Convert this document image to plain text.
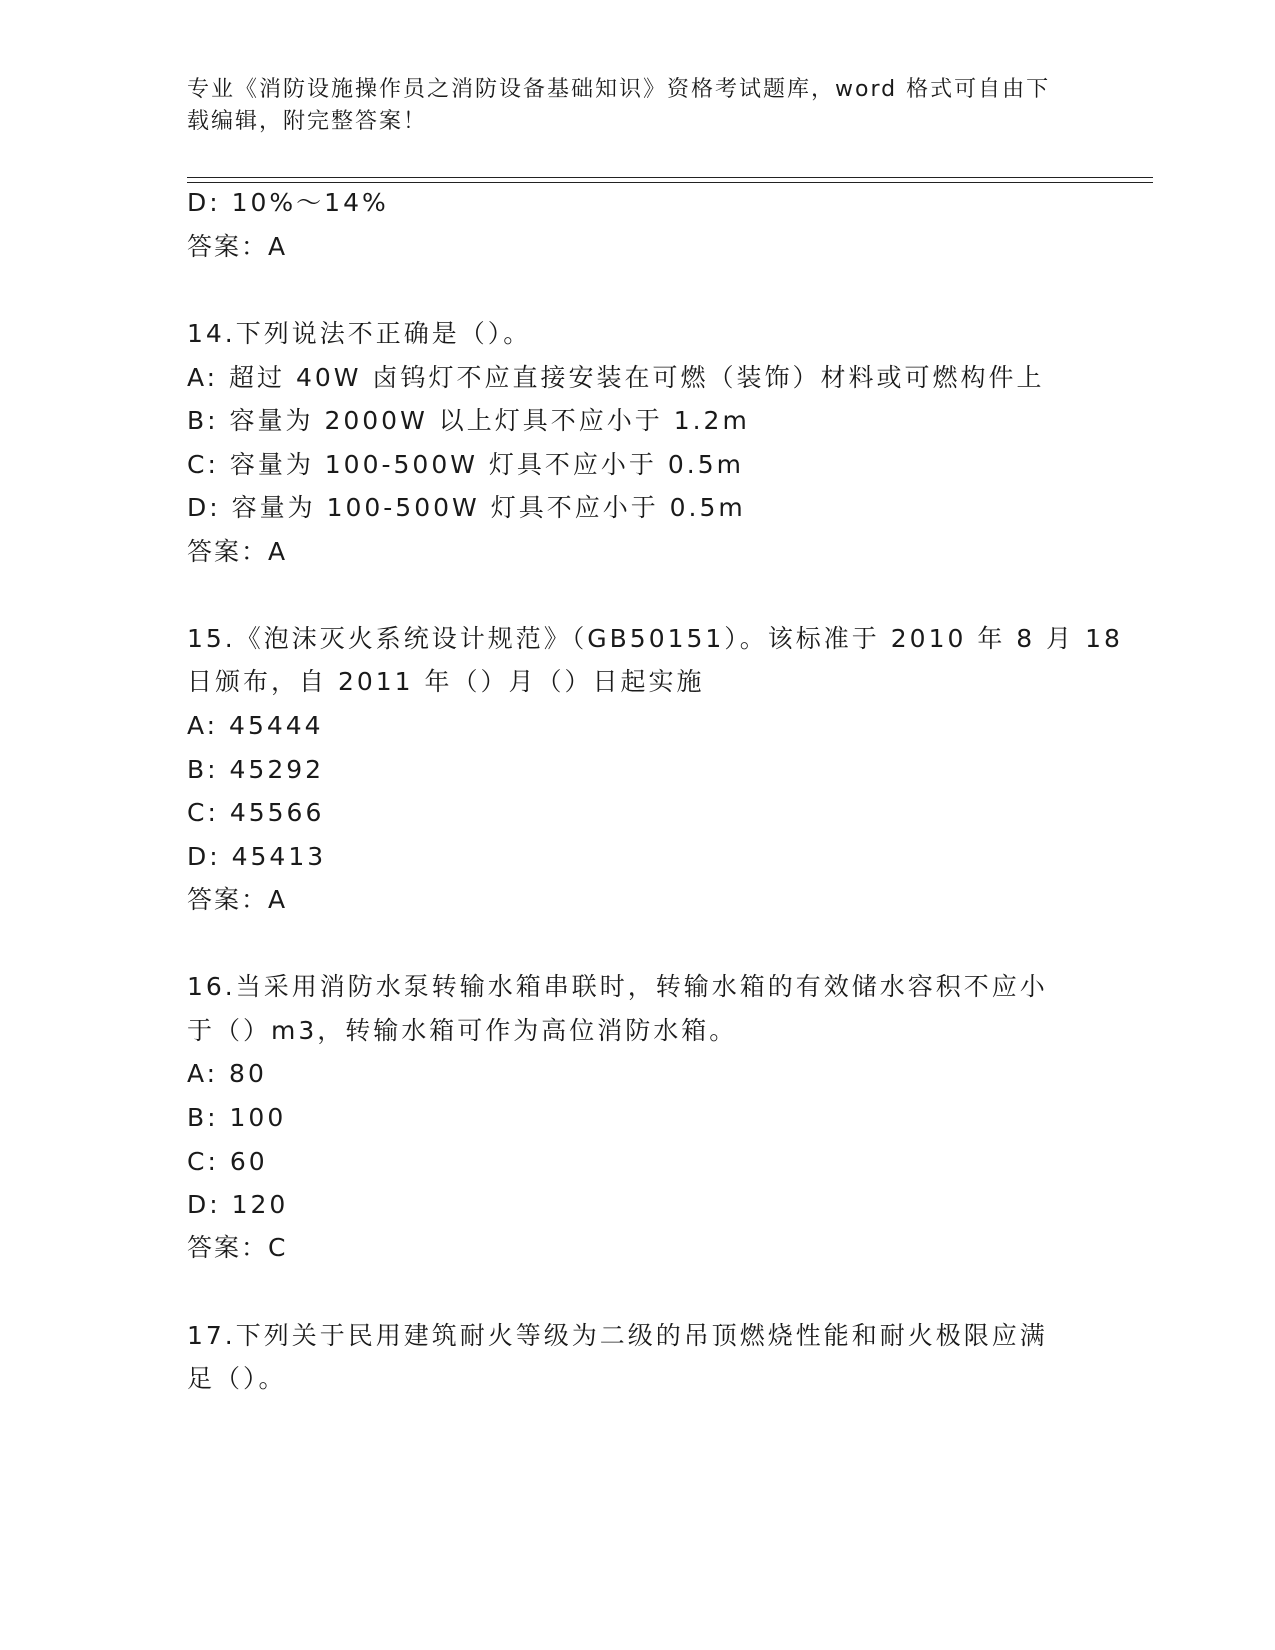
专业《消防设施操作员之消防设备基础知识》资格考试题库，word 格式可自由下
载编辑，附完整答案！
D: 10%～14%
答案：A
14.下列说法不正确是（）。
A: 超过 40W 卤钨灯不应直接安装在可燃（装饰）材料或可燃构件上
B: 容量为 2000W 以上灯具不应小于 1.2m
C: 容量为 100-500W 灯具不应小于 0.5m
D: 容量为 100-500W 灯具不应小于 0.5m
答案：A
15.《泡沫灭火系统设计规范》（GB50151）。该标准于 2010 年 8 月 18
日颁布，自 2011 年（）月（）日起实施
A: 45444
B: 45292
C: 45566
D: 45413
答案：A
16.当采用消防水泵转输水箱串联时，转输水箱的有效储水容积不应小
于（）m3，转输水箱可作为高位消防水箱。
A: 80
B: 100
C: 60
D: 120
答案：C
17.下列关于民用建筑耐火等级为二级的吊顶燃烧性能和耐火极限应满
足（）。
